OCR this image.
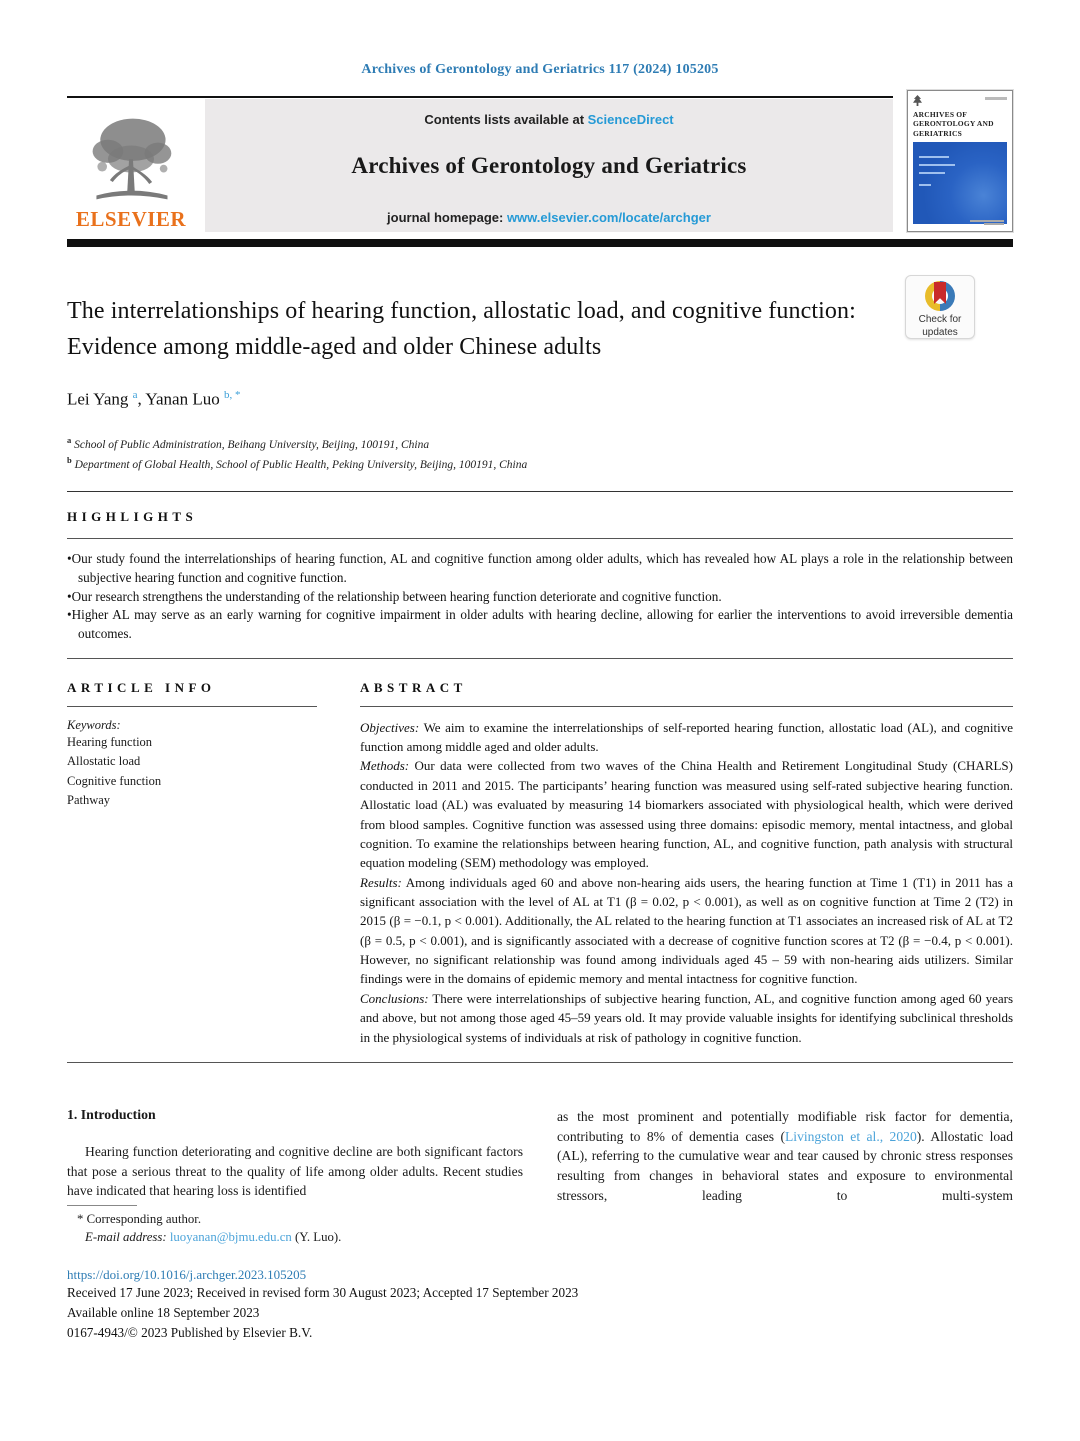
Archives of Gerontology and Geriatrics 117 (2024) 105205
ELSEVIER
Contents lists available at ScienceDirect
Archives of Gerontology and Geriatrics
journal homepage: www.elsevier.com/locate/archger
ARCHIVES OF GERONTOLOGY AND GERIATRICS
The interrelationships of hearing function, allostatic load, and cognitive function: Evidence among middle-aged and older Chinese adults
Check for
updates
Lei Yang $^a$, Yanan Luo $^{b, *}$
$^a$ School of Public Administration, Beihang University, Beijing, 100191, China
$^b$ Department of Global Health, School of Public Health, Peking University, Beijing, 100191, China
HIGHLIGHTS
• Our study found the interrelationships of hearing function, AL and cognitive function among older adults, which has revealed how AL plays a role in the relationship between subjective hearing function and cognitive function.
• Our research strengthens the understanding of the relationship between hearing function deteriorate and cognitive function.
• Higher AL may serve as an early warning for cognitive impairment in older adults with hearing decline, allowing for earlier the interventions to avoid irreversible dementia outcomes.
ARTICLE INFO
Keywords:
Hearing function
Allostatic load
Cognitive function
Pathway
ABSTRACT
Objectives: We aim to examine the interrelationships of self-reported hearing function, allostatic load (AL), and cognitive function among middle aged and older adults.
Methods: Our data were collected from two waves of the China Health and Retirement Longitudinal Study (CHARLS) conducted in 2011 and 2015. The participants’ hearing function was measured using self-rated subjective hearing function. Allostatic load (AL) was evaluated by measuring 14 biomarkers associated with physiological health, which were derived from blood samples. Cognitive function was assessed using three domains: episodic memory, mental intactness, and global cognition. To examine the relationships between hearing function, AL, and cognitive function, path analysis with structural equation modeling (SEM) methodology was employed.
Results: Among individuals aged 60 and above non-hearing aids users, the hearing function at Time 1 (T1) in 2011 has a significant association with the level of AL at T1 (β = 0.02, p < 0.001), as well as on cognitive function at Time 2 (T2) in 2015 (β = −0.1, p < 0.001). Additionally, the AL related to the hearing function at T1 associates an increased risk of AL at T2 (β = 0.5, p < 0.001), and is significantly associated with a decrease of cognitive function scores at T2 (β = −0.4, p < 0.001). However, no significant relationship was found among individuals aged 45 – 59 with non-hearing aids utilizers. Similar findings were in the domains of epidemic memory and mental intactness for cognitive function.
Conclusions: There were interrelationships of subjective hearing function, AL, and cognitive function among aged 60 years and above, but not among those aged 45–59 years old. It may provide valuable insights for identifying subclinical thresholds in the physiological systems of individuals at risk of pathology in cognitive function.
1. Introduction

Hearing function deteriorating and cognitive decline are both significant factors that pose a serious threat to the quality of life among older adults. Recent studies have indicated that hearing loss is identified

as the most prominent and potentially modifiable risk factor for dementia, contributing to 8% of dementia cases (Livingston et al., 2020). Allostatic load (AL), referring to the cumulative wear and tear caused by chronic stress responses resulting from changes in behavioral states and exposure to environmental stressors, leading to multi-system

* Corresponding author.
E-mail address: luoyanan@bjmu.edu.cn (Y. Luo).
https://doi.org/10.1016/j.archger.2023.105205
Received 17 June 2023; Received in revised form 30 August 2023; Accepted 17 September 2023
Available online 18 September 2023
0167-4943/© 2023 Published by Elsevier B.V.
